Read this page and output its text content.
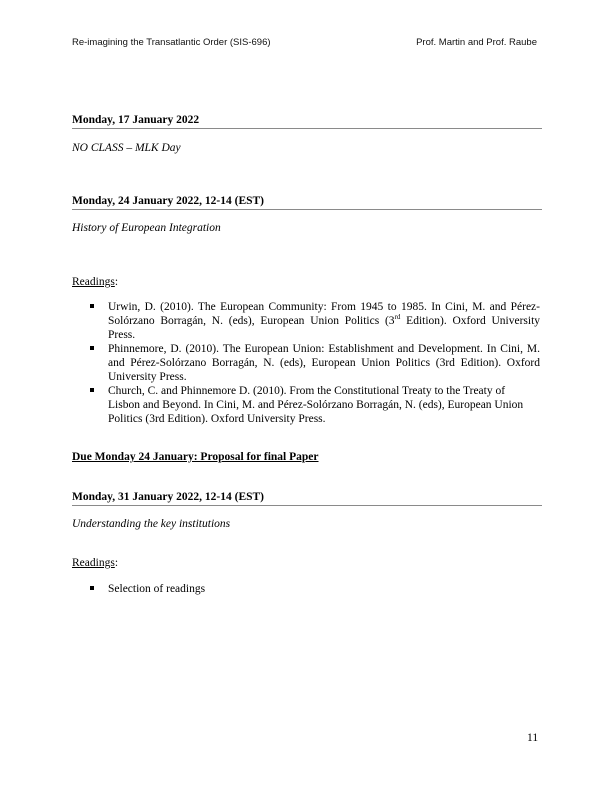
Re-imagining the Transatlantic Order (SIS-696)	Prof. Martin and Prof. Raube
Monday, 17 January 2022
NO CLASS – MLK Day
Monday, 24 January 2022, 12-14 (EST)
History of European Integration
Readings:
Urwin, D. (2010). The European Community: From 1945 to 1985. In Cini, M. and Pérez-Solórzano Borragán, N. (eds), European Union Politics (3rd Edition). Oxford University Press.
Phinnemore, D. (2010). The European Union: Establishment and Development. In Cini, M. and Pérez-Solórzano Borragán, N. (eds), European Union Politics (3rd Edition). Oxford University Press.
Church, C. and Phinnemore D. (2010). From the Constitutional Treaty to the Treaty of Lisbon and Beyond. In Cini, M. and Pérez-Solórzano Borragán, N. (eds), European Union Politics (3rd Edition). Oxford University Press.
Due Monday 24 January: Proposal for final Paper
Monday, 31 January 2022, 12-14 (EST)
Understanding the key institutions
Readings:
Selection of readings
11
